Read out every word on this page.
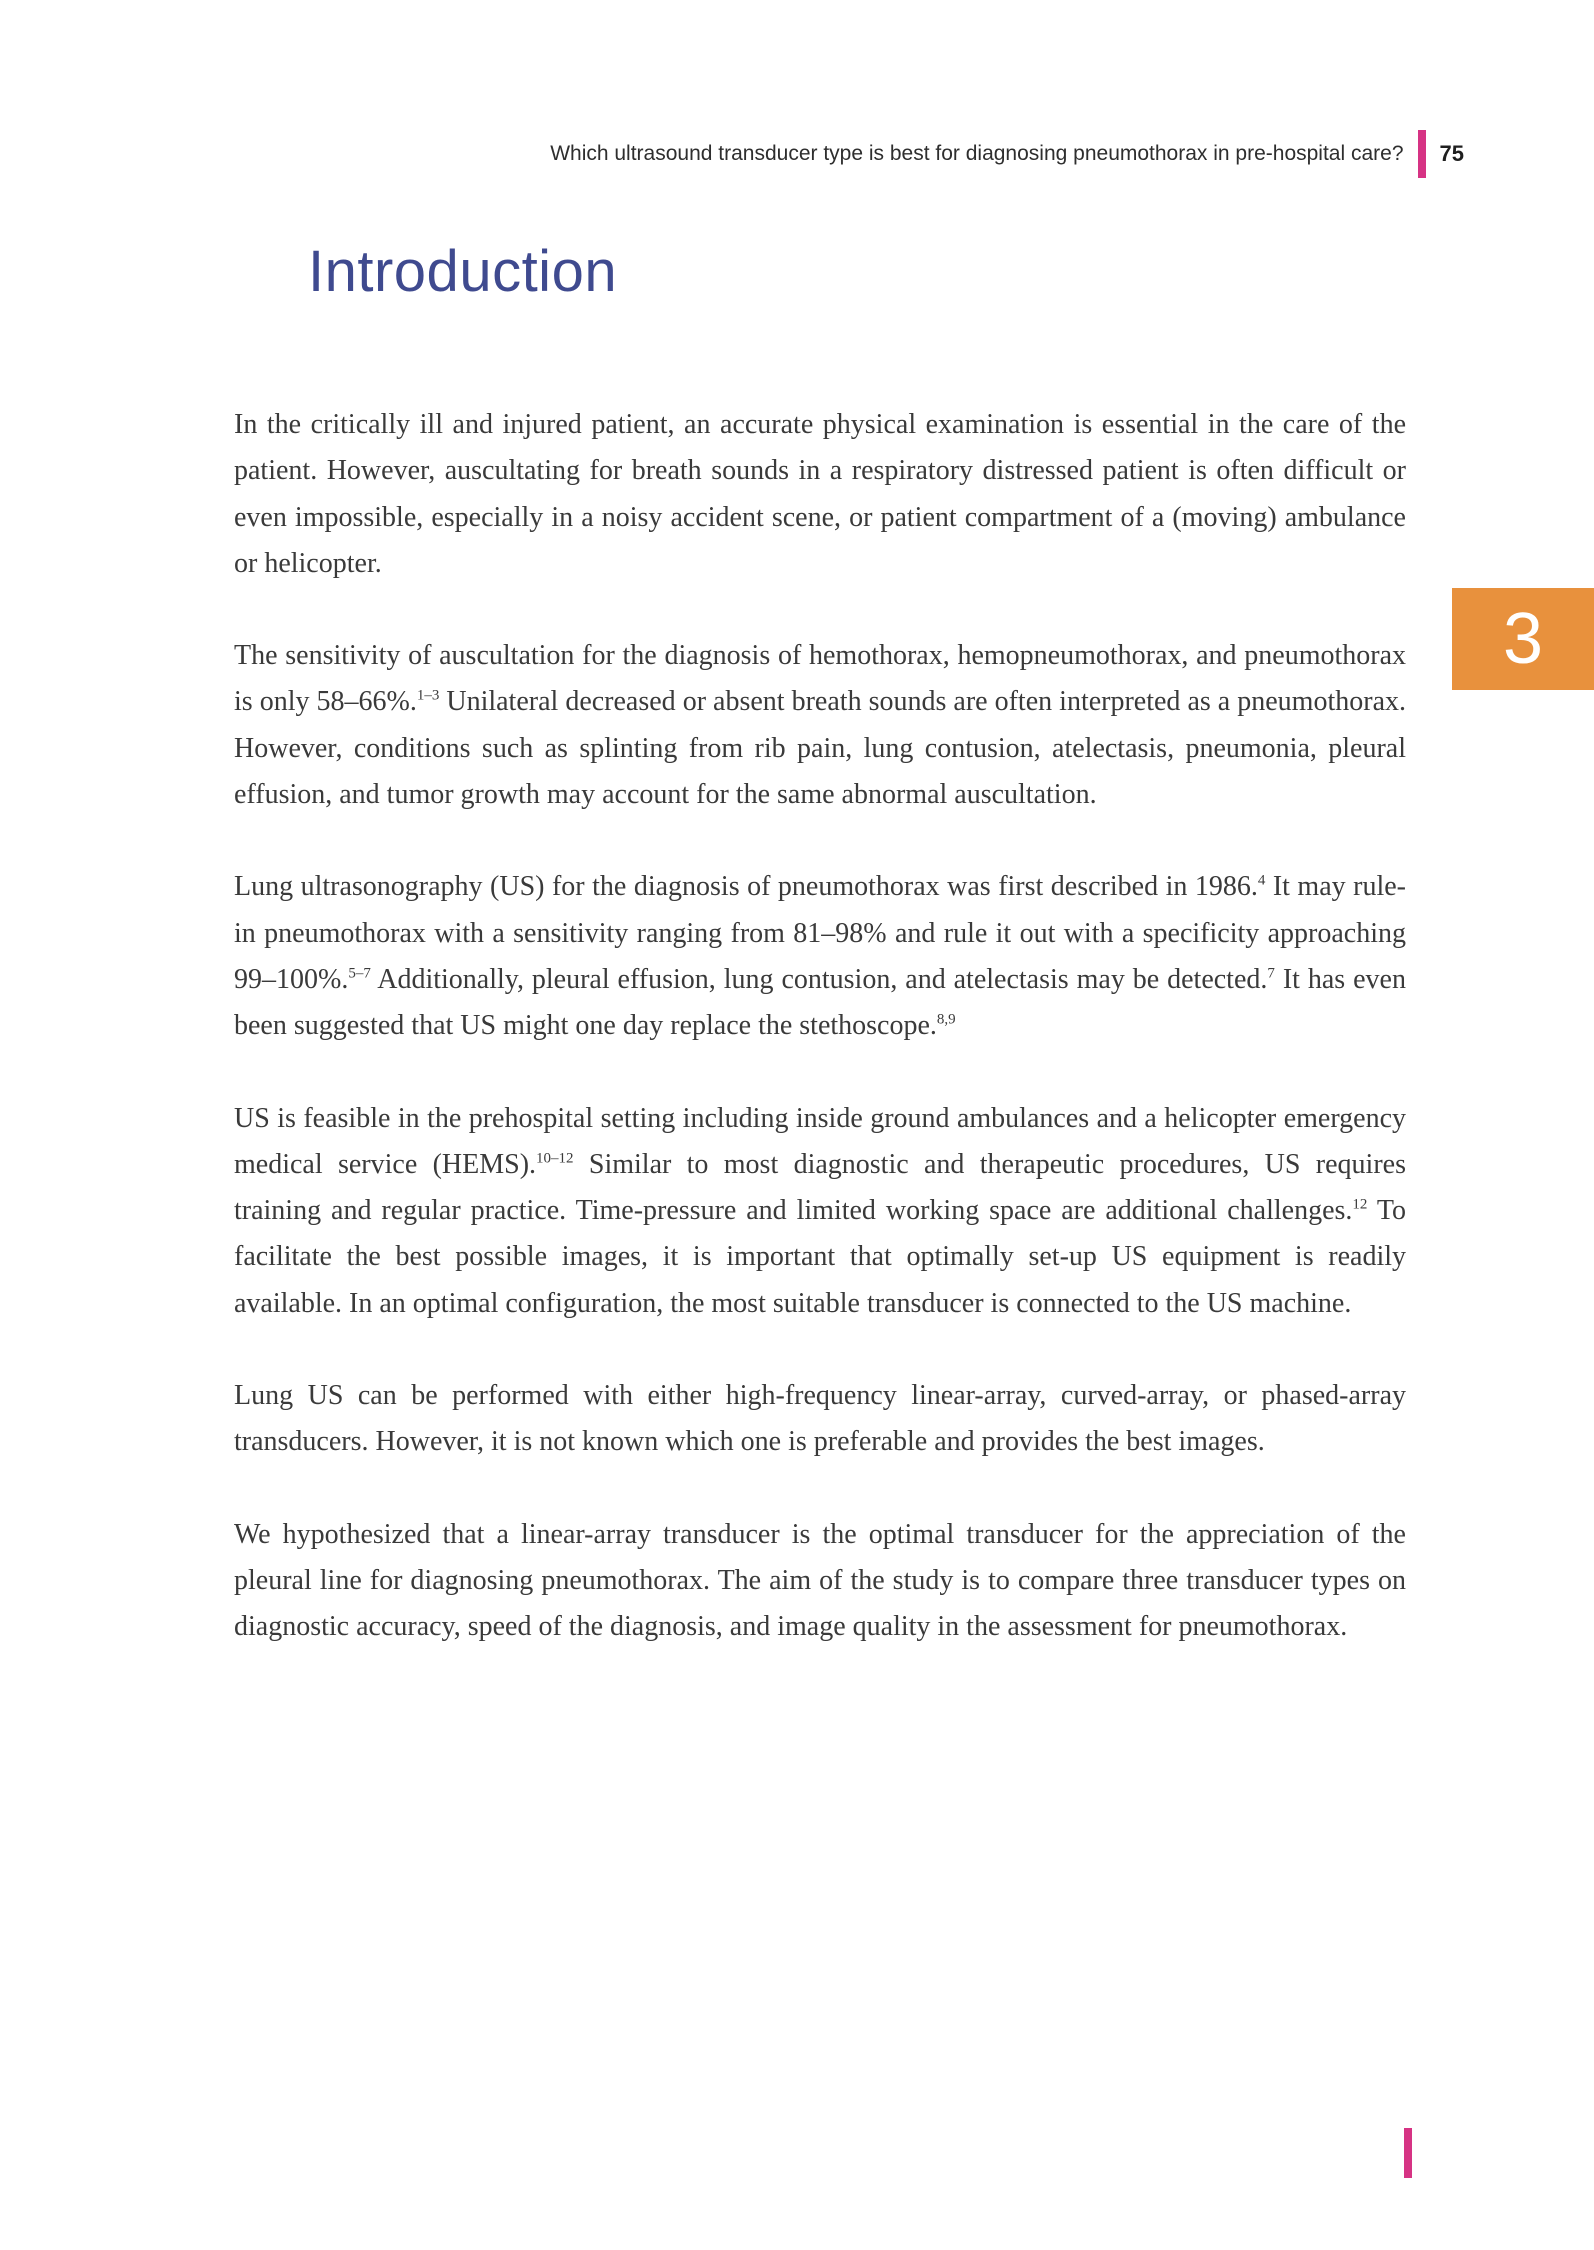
Which ultrasound transducer type is best for diagnosing pneumothorax in pre-hospital care? 75
Introduction
3

In the critically ill and injured patient, an accurate physical examination is essential in the care of the patient. However, auscultating for breath sounds in a respiratory distressed patient is often difficult or even impossible, especially in a noisy accident scene, or patient compartment of a (moving) ambulance or helicopter.

The sensitivity of auscultation for the diagnosis of hemothorax, hemopneumothorax, and pneumothorax is only 58–66%.$^{1-3}$ Unilateral decreased or absent breath sounds are often interpreted as a pneumothorax. However, conditions such as splinting from rib pain, lung contusion, atelectasis, pneumonia, pleural effusion, and tumor growth may account for the same abnormal auscultation.

Lung ultrasonography (US) for the diagnosis of pneumothorax was first described in 1986.$^4$ It may rule-in pneumothorax with a sensitivity ranging from 81–98% and rule it out with a specificity approaching 99–100%.$^{5-7}$ Additionally, pleural effusion, lung contusion, and atelectasis may be detected.$^7$ It has even been suggested that US might one day replace the stethoscope.$^{8,9}$

US is feasible in the prehospital setting including inside ground ambulances and a helicopter emergency medical service (HEMS).$^{10-12}$ Similar to most diagnostic and therapeutic procedures, US requires training and regular practice. Time-pressure and limited working space are additional challenges.$^{12}$ To facilitate the best possible images, it is important that optimally set-up US equipment is readily available. In an optimal configuration, the most suitable transducer is connected to the US machine.

Lung US can be performed with either high-frequency linear-array, curved-array, or phased-array transducers. However, it is not known which one is preferable and provides the best images.

We hypothesized that a linear-array transducer is the optimal transducer for the appreciation of the pleural line for diagnosing pneumothorax. The aim of the study is to compare three transducer types on diagnostic accuracy, speed of the diagnosis, and image quality in the assessment for pneumothorax.
